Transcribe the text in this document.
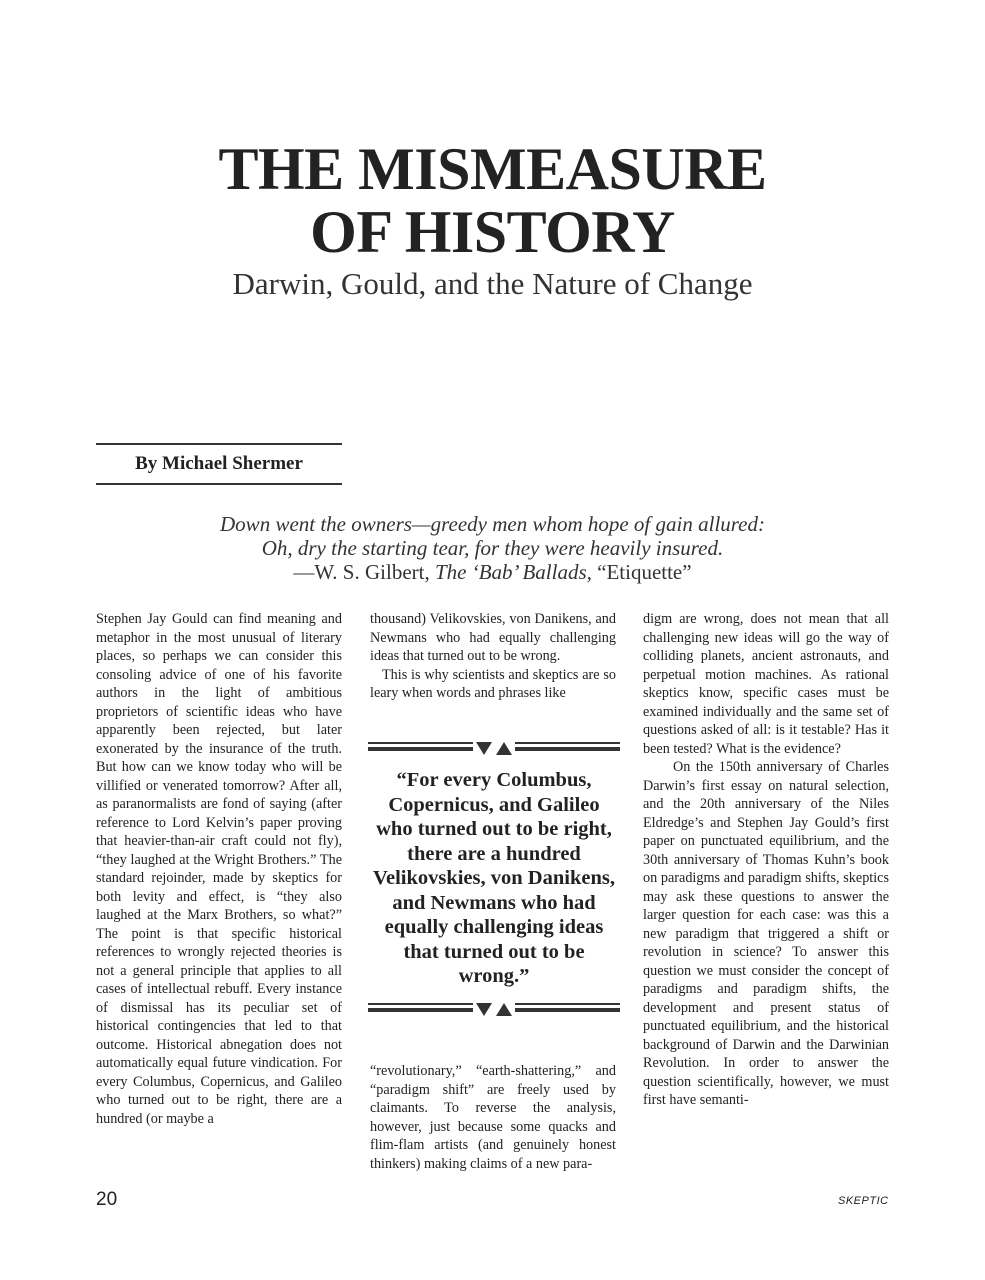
THE MISMEASURE
OF HISTORY
Darwin, Gould, and the Nature of Change
By Michael Shermer
Down went the owners—greedy men whom hope of gain allured:
Oh, dry the starting tear, for they were heavily insured.
—W. S. Gilbert, The ‘Bab’ Ballads, “Etiquette”

Stephen Jay Gould can find meaning and metaphor in the most unusual of literary places, so perhaps we can consider this consoling advice of one of his favorite authors in the light of ambitious proprietors of scientific ideas who have apparently been rejected, but later exonerated by the insurance of the truth. But how can we know today who will be villified or venerated tomorrow? After all, as paranormalists are fond of saying (after reference to Lord Kelvin’s paper proving that heavier-than-air craft could not fly), “they laughed at the Wright Brothers.” The standard rejoinder, made by skeptics for both levity and effect, is “they also laughed at the Marx Brothers, so what?” The point is that specific historical references to wrongly rejected theories is not a general principle that applies to all cases of intellectual rebuff. Every instance of dismissal has its peculiar set of historical contingencies that led to that outcome. Historical abnegation does not automatically equal future vindication. For every Columbus, Copernicus, and Galileo who turned out to be right, there are a hundred (or maybe a

thousand) Velikovskies, von Danikens, and Newmans who had equally challenging ideas that turned out to be wrong.

This is why scientists and skeptics are so leary when words and phrases like

“For every Columbus, Copernicus, and Galileo who turned out to be right, there are a hundred Velikovskies, von Danikens, and Newmans who had equally challenging ideas that turned out to be wrong.”

“revolutionary,” “earth-shattering,” and “paradigm shift” are freely used by claimants. To reverse the analysis, however, just because some quacks and flim-flam artists (and genuinely honest thinkers) making claims of a new para-

digm are wrong, does not mean that all challenging new ideas will go the way of colliding planets, ancient astronauts, and perpetual motion machines. As rational skeptics know, specific cases must be examined individually and the same set of questions asked of all: is it testable? Has it been tested? What is the evidence?

On the 150th anniversary of Charles Darwin’s first essay on natural selection, and the 20th anniversary of the Niles Eldredge’s and Stephen Jay Gould’s first paper on punctuated equilibrium, and the 30th anniversary of Thomas Kuhn’s book on paradigms and paradigm shifts, skeptics may ask these questions to answer the larger question for each case: was this a new paradigm that triggered a shift or revolution in science? To answer this question we must consider the concept of paradigms and paradigm shifts, the development and present status of punctuated equilibrium, and the historical background of Darwin and the Darwinian Revolution. In order to answer the question scientifically, however, we must first have semanti-

20	SKEPTIC
